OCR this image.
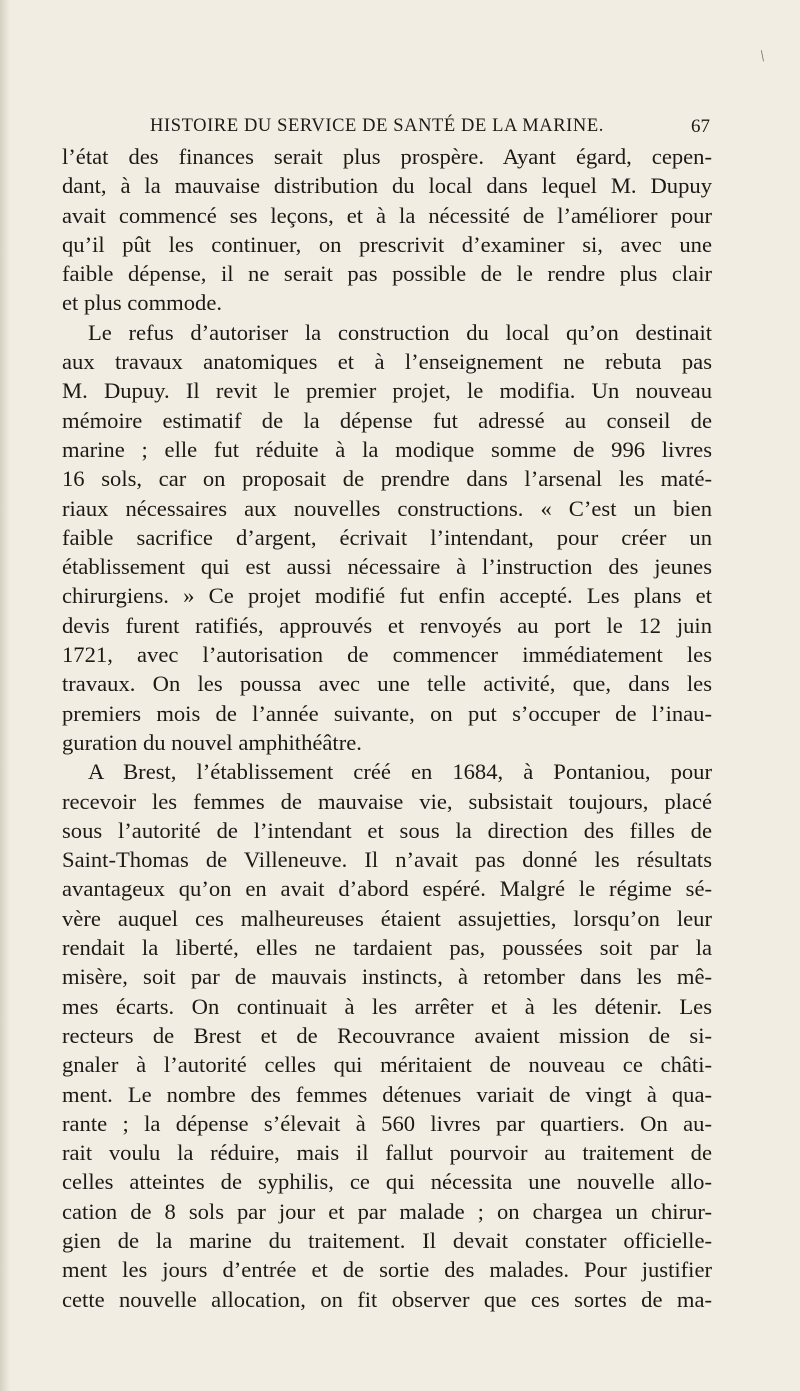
\
HISTOIRE DU SERVICE DE SANTÉ DE LA MARINE.	67
l’état des finances serait plus prospère. Ayant égard, cepen-
dant, à la mauvaise distribution du local dans lequel M. Dupuy
avait commencé ses leçons, et à la nécessité de l’améliorer pour
qu’il pût les continuer, on prescrivit d’examiner si, avec une
faible dépense, il ne serait pas possible de le rendre plus clair
et plus commode.
Le refus d’autoriser la construction du local qu’on destinait
aux travaux anatomiques et à l’enseignement ne rebuta pas
M. Dupuy. Il revit le premier projet, le modifia. Un nouveau
mémoire estimatif de la dépense fut adressé au conseil de
marine ; elle fut réduite à la modique somme de 996 livres
16 sols, car on proposait de prendre dans l’arsenal les maté-
riaux nécessaires aux nouvelles constructions. « C’est un bien
faible sacrifice d’argent, écrivait l’intendant, pour créer un
établissement qui est aussi nécessaire à l’instruction des jeunes
chirurgiens. » Ce projet modifié fut enfin accepté. Les plans et
devis furent ratifiés, approuvés et renvoyés au port le 12 juin
1721, avec l’autorisation de commencer immédiatement les
travaux. On les poussa avec une telle activité, que, dans les
premiers mois de l’année suivante, on put s’occuper de l’inau-
guration du nouvel amphithéâtre.
A Brest, l’établissement créé en 1684, à Pontaniou, pour
recevoir les femmes de mauvaise vie, subsistait toujours, placé
sous l’autorité de l’intendant et sous la direction des filles de
Saint-Thomas de Villeneuve. Il n’avait pas donné les résultats
avantageux qu’on en avait d’abord espéré. Malgré le régime sé-
vère auquel ces malheureuses étaient assujetties, lorsqu’on leur
rendait la liberté, elles ne tardaient pas, poussées soit par la
misère, soit par de mauvais instincts, à retomber dans les mê-
mes écarts. On continuait à les arrêter et à les détenir. Les
recteurs de Brest et de Recouvrance avaient mission de si-
gnaler à l’autorité celles qui méritaient de nouveau ce châti-
ment. Le nombre des femmes détenues variait de vingt à qua-
rante ; la dépense s’élevait à 560 livres par quartiers. On au-
rait voulu la réduire, mais il fallut pourvoir au traitement de
celles atteintes de syphilis, ce qui nécessita une nouvelle allo-
cation de 8 sols par jour et par malade ; on chargea un chirur-
gien de la marine du traitement. Il devait constater officielle-
ment les jours d’entrée et de sortie des malades. Pour justifier
cette nouvelle allocation, on fit observer que ces sortes de ma-
